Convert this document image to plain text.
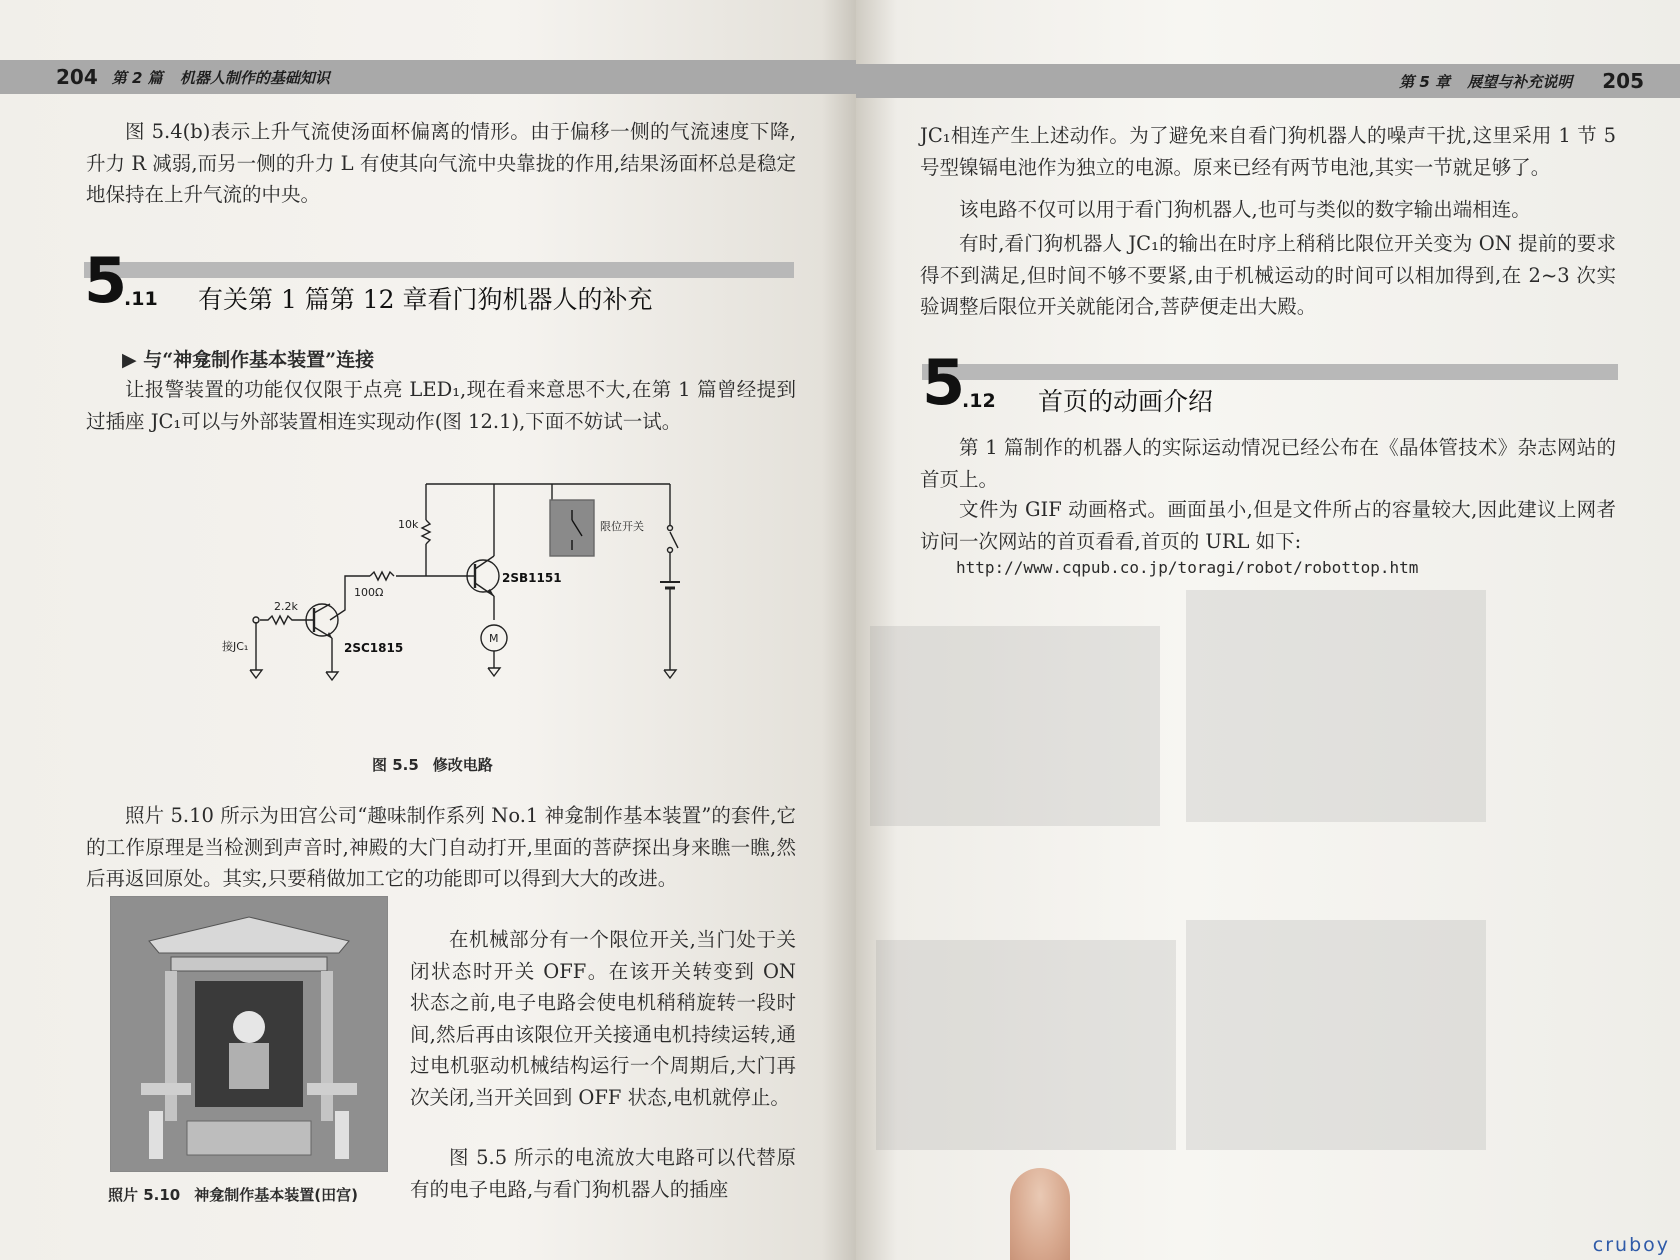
204 第 2 篇 机器人制作的基础知识

图 5.4(b)表示上升气流使汤面杯偏离的情形。由于偏移一侧的气流速度下降,升力 R 减弱,而另一侧的升力 L 有使其向气流中央靠拢的作用,结果汤面杯总是稳定地保持在上升气流的中央。

5
.11 有关第 1 篇第 12 章看门狗机器人的补充
▶ 与“神龛制作基本装置”连接

让报警装置的功能仅仅限于点亮 LED₁,现在看来意思不大,在第 1 篇曾经提到过插座 JC₁可以与外部装置相连实现动作(图 12.1),下面不妨试一试。

10k
100Ω
2.2k
2SB1151
2SC1815
接JC₁
限位开关
M
图 5.5 修改电路

照片 5.10 所示为田宫公司“趣味制作系列 No.1 神龛制作基本装置”的套件,它的工作原理是当检测到声音时,神殿的大门自动打开,里面的菩萨探出身来瞧一瞧,然后再返回原处。其实,只要稍做加工它的功能即可以得到大大的改进。

照片 5.10 神龛制作基本装置(田宫)

在机械部分有一个限位开关,当门处于关闭状态时开关 OFF。在该开关转变到 ON 状态之前,电子电路会使电机稍稍旋转一段时间,然后再由该限位开关接通电机持续运转,通过电机驱动机械结构运行一个周期后,大门再次关闭,当开关回到 OFF 状态,电机就停止。

图 5.5 所示的电流放大电路可以代替原有的电子电路,与看门狗机器人的插座

第 5 章 展望与补充说明	205

JC₁相连产生上述动作。为了避免来自看门狗机器人的噪声干扰,这里采用 1 节 5 号型镍镉电池作为独立的电源。原来已经有两节电池,其实一节就足够了。

该电路不仅可以用于看门狗机器人,也可与类似的数字输出端相连。

有时,看门狗机器人 JC₁的输出在时序上稍稍比限位开关变为 ON 提前的要求得不到满足,但时间不够不要紧,由于机械运动的时间可以相加得到,在 2~3 次实验调整后限位开关就能闭合,菩萨便走出大殿。

5
.12 首页的动画介绍

第 1 篇制作的机器人的实际运动情况已经公布在《晶体管技术》杂志网站的首页上。

文件为 GIF 动画格式。画面虽小,但是文件所占的容量较大,因此建议上网者访问一次网站的首页看看,首页的 URL 如下:

http://www.cqpub.co.jp/toragi/robot/robottop.htm
cruboy
